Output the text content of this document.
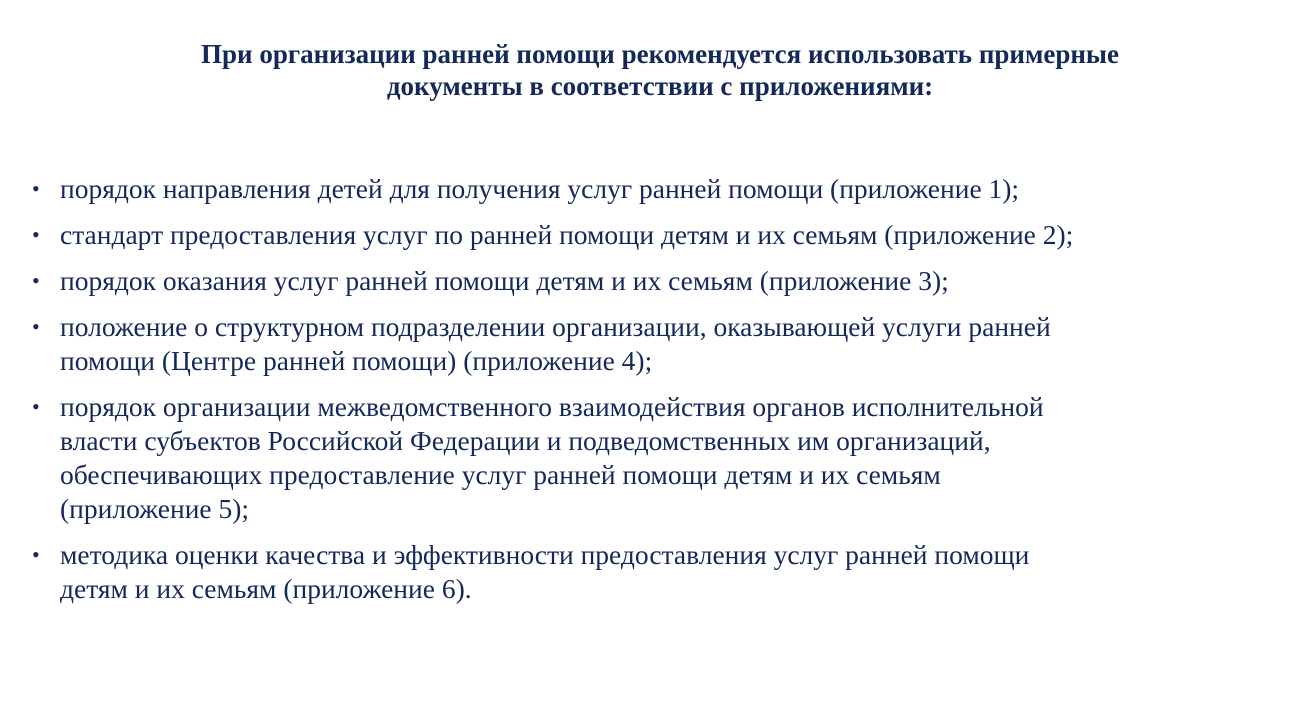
При организации ранней помощи рекомендуется использовать примерные
документы в соответствии с приложениями:
• порядок направления детей для получения услуг ранней помощи (приложение 1);
• стандарт предоставления услуг по ранней помощи детям и их семьям (приложение 2);
• порядок оказания услуг ранней помощи детям и их семьям (приложение 3);
• положение о структурном подразделении организации, оказывающей услуги ранней
помощи (Центре ранней помощи) (приложение 4);
• порядок организации межведомственного взаимодействия органов исполнительной
власти субъектов Российской Федерации и подведомственных им организаций,
обеспечивающих предоставление услуг ранней помощи детям и их семьям
(приложение 5);
• методика оценки качества и эффективности предоставления услуг ранней помощи
детям и их семьям (приложение 6).
